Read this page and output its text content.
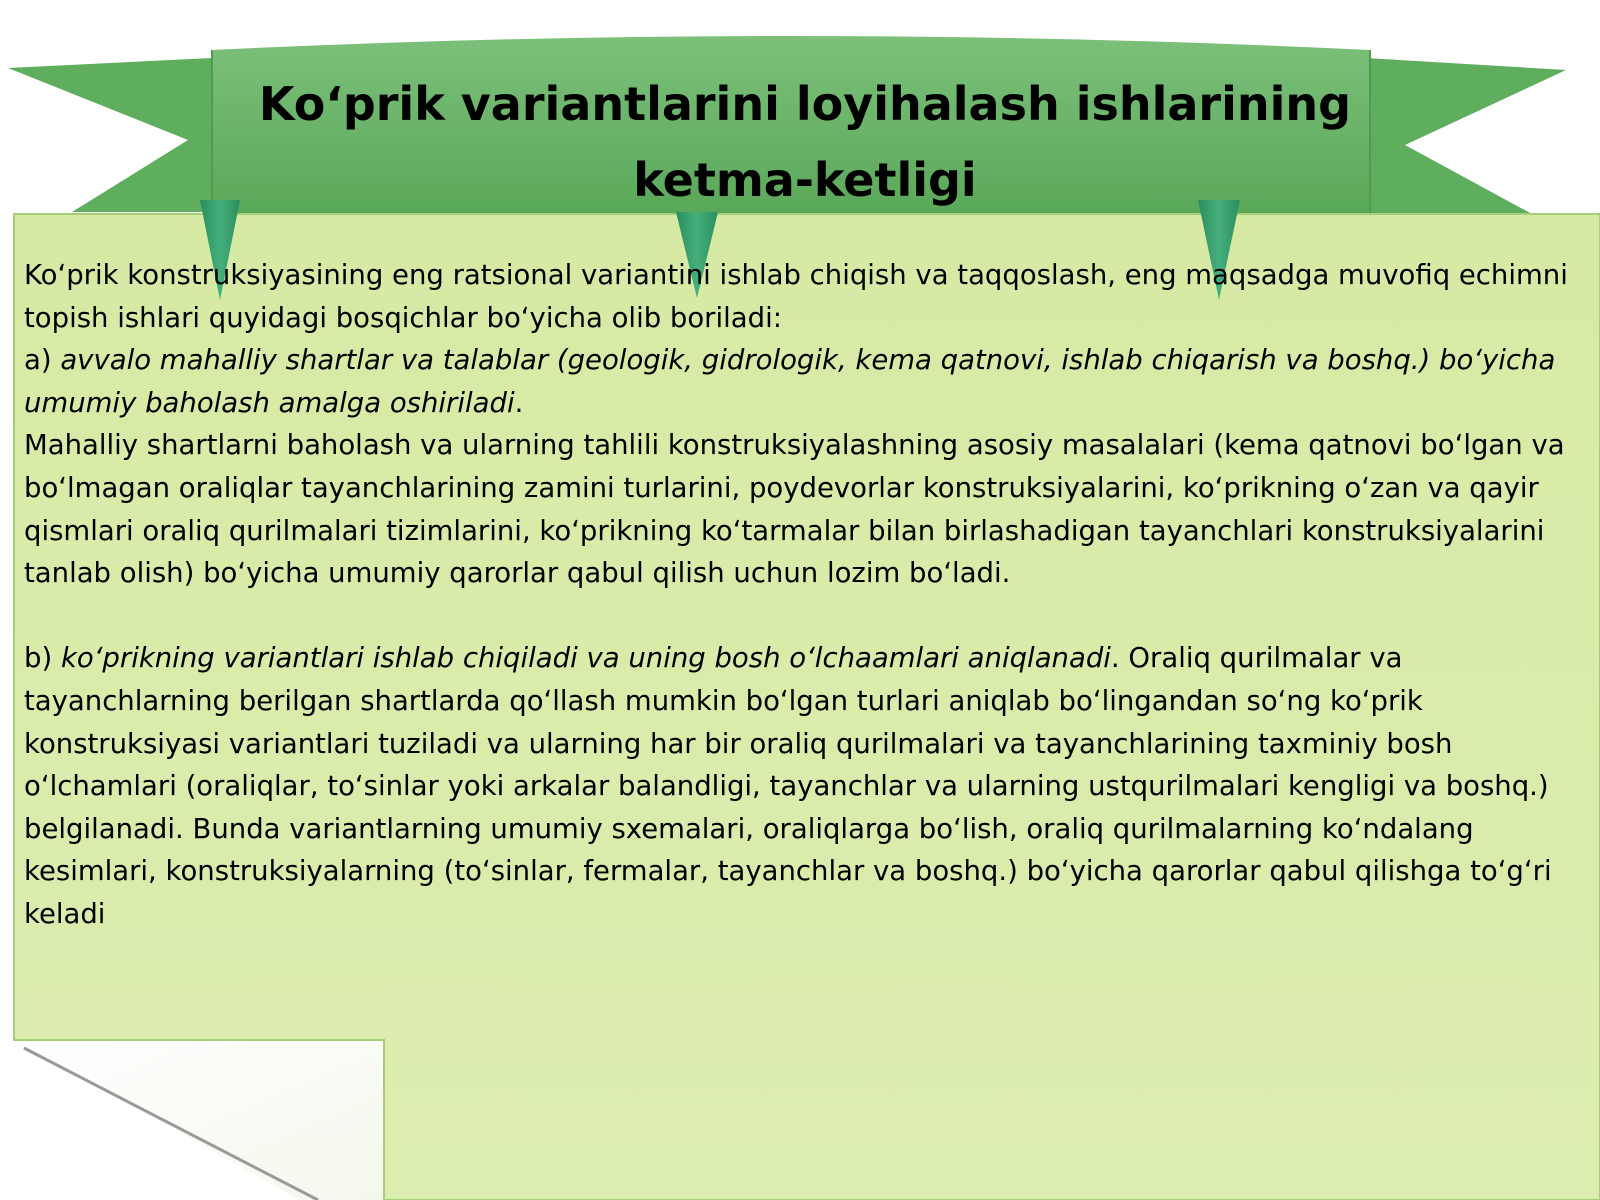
Koʻprik variantlarini loyihalash ishlarining
ketma-ketligi

Koʻprik konstruksiyasining eng ratsional variantini ishlab chiqish va taqqoslash, eng maqsadga muvofiq echimni topish ishlari quyidagi bosqichlar boʻyicha olib boriladi:

a) avvalo mahalliy shartlar va talablar (geologik, gidrologik, kema qatnovi, ishlab chiqarish va boshq.) boʻyicha umumiy baholash amalga oshiriladi.

Mahalliy shartlarni baholash va ularning tahlili konstruksiyalashning asosiy masalalari (kema qatnovi boʻlgan va boʻlmagan oraliqlar tayanchlarining zamini turlarini, poydevorlar konstruksiyalarini, koʻprikning oʻzan va qayir qismlari oraliq qurilmalari tizimlarini, koʻprikning koʻtarmalar bilan birlashadigan tayanchlari konstruksiyalarini tanlab olish) boʻyicha umumiy qarorlar qabul qilish uchun lozim boʻladi.

b) koʻprikning variantlari ishlab chiqiladi va uning bosh oʻlchaamlari aniqlanadi. Oraliq qurilmalar va tayanchlarning berilgan shartlarda qoʻllash mumkin boʻlgan turlari aniqlab boʻlingandan soʻng koʻprik konstruksiyasi variantlari tuziladi va ularning har bir oraliq qurilmalari va tayanchlarining taxminiy bosh oʻlchamlari (oraliqlar, toʻsinlar yoki arkalar balandligi, tayanchlar va ularning ustqurilmalari kengligi va boshq.) belgilanadi. Bunda variantlarning umumiy sxemalari, oraliqlarga boʻlish, oraliq qurilmalarning koʻndalang kesimlari, konstruksiyalarning (toʻsinlar, fermalar, tayanchlar va boshq.) boʻyicha qarorlar qabul qilishga toʻgʻri keladi
